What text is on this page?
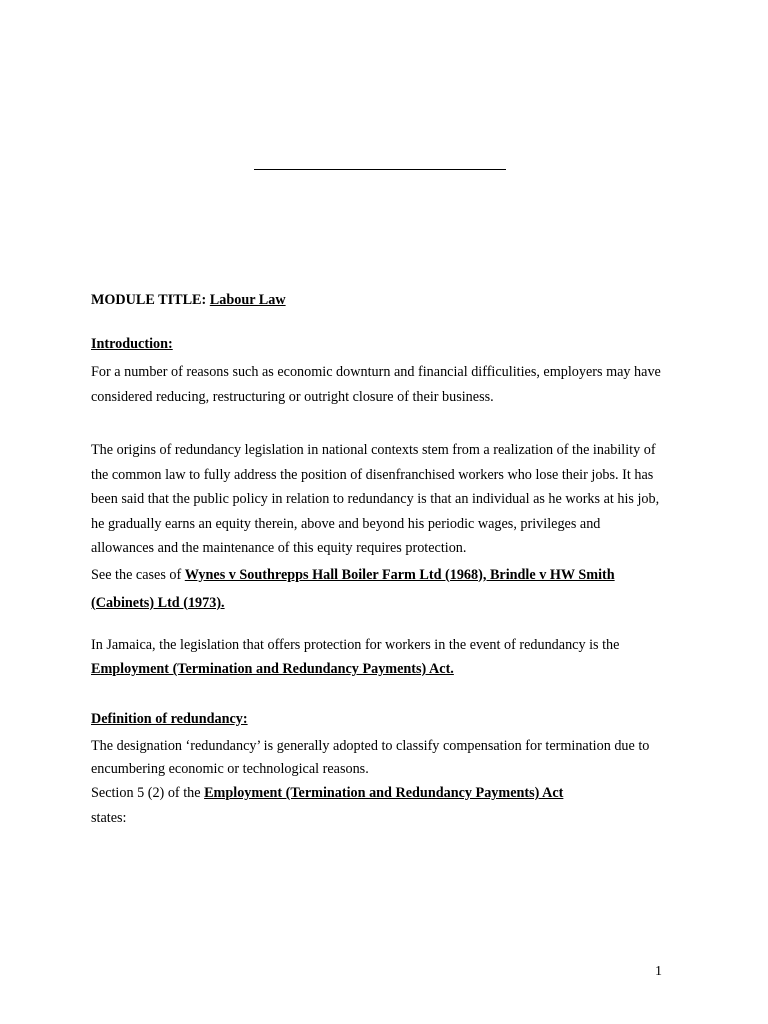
MODULE TITLE: Labour Law

Introduction:

For a number of reasons such as economic downturn and financial difficulities, employers may have considered reducing, restructuring or outright closure of their business.

The origins of redundancy legislation in national contexts stem from a realization of the inability of the common law to fully address the position of disenfranchised workers who lose their jobs. It has been said that the public policy in relation to redundancy is that an individual as he works at his job, he gradually earns an equity therein, above and beyond his periodic wages, privileges and allowances and the maintenance of this equity requires protection.

See the cases of Wynes v Southrepps Hall Boiler Farm Ltd (1968), Brindle v HW Smith (Cabinets) Ltd (1973).

In Jamaica, the legislation that offers protection for workers in the event of redundancy is the Employment (Termination and Redundancy Payments) Act.

Definition of redundancy:

The designation ‘redundancy’ is generally adopted to classify compensation for termination due to encumbering economic or technological reasons.

Section 5 (2) of the Employment (Termination and Redundancy Payments) Act
states:

1
